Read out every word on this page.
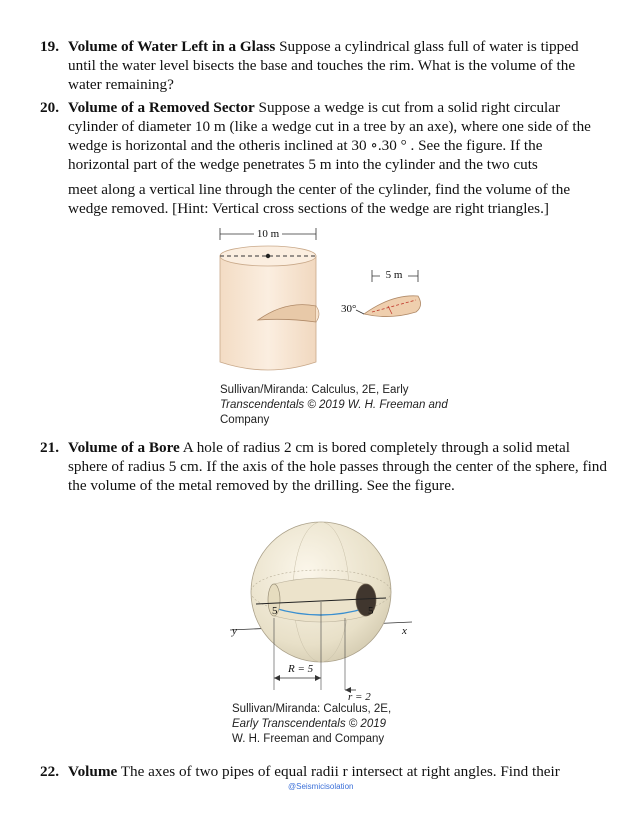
19. Volume of Water Left in a Glass Suppose a cylindrical glass full of water is tipped
until the water level bisects the base and touches the rim. What is the volume of the
water remaining?
20. Volume of a Removed Sector Suppose a wedge is cut from a solid right circular
cylinder of diameter 10 m (like a wedge cut in a tree by an axe), where one side of the
wedge is horizontal and the otheris inclined at 30 ∘.30 ° . See the figure. If the
horizontal part of the wedge penetrates 5 m into the cylinder and the two cuts
meet along a vertical line through the center of the cylinder, find the volume of the
wedge removed. [Hint: Vertical cross sections of the wedge are right triangles.]
10 m
5 m
30°
Sullivan/Miranda: Calculus, 2E, Early
Transcendentals © 2019 W. H. Freeman and
Company
21. Volume of a Bore A hole of radius 2 cm is bored completely through a solid metal
sphere of radius 5 cm. If the axis of the hole passes through the center of the sphere, find
the volume of the metal removed by the drilling. See the figure.
5	5
y	x
R = 5
r = 2
Sullivan/Miranda: Calculus, 2E,
Early Transcendentals © 2019
W. H. Freeman and Company
22. Volume The axes of two pipes of equal radii r intersect at right angles. Find their
@Seismicisolation
